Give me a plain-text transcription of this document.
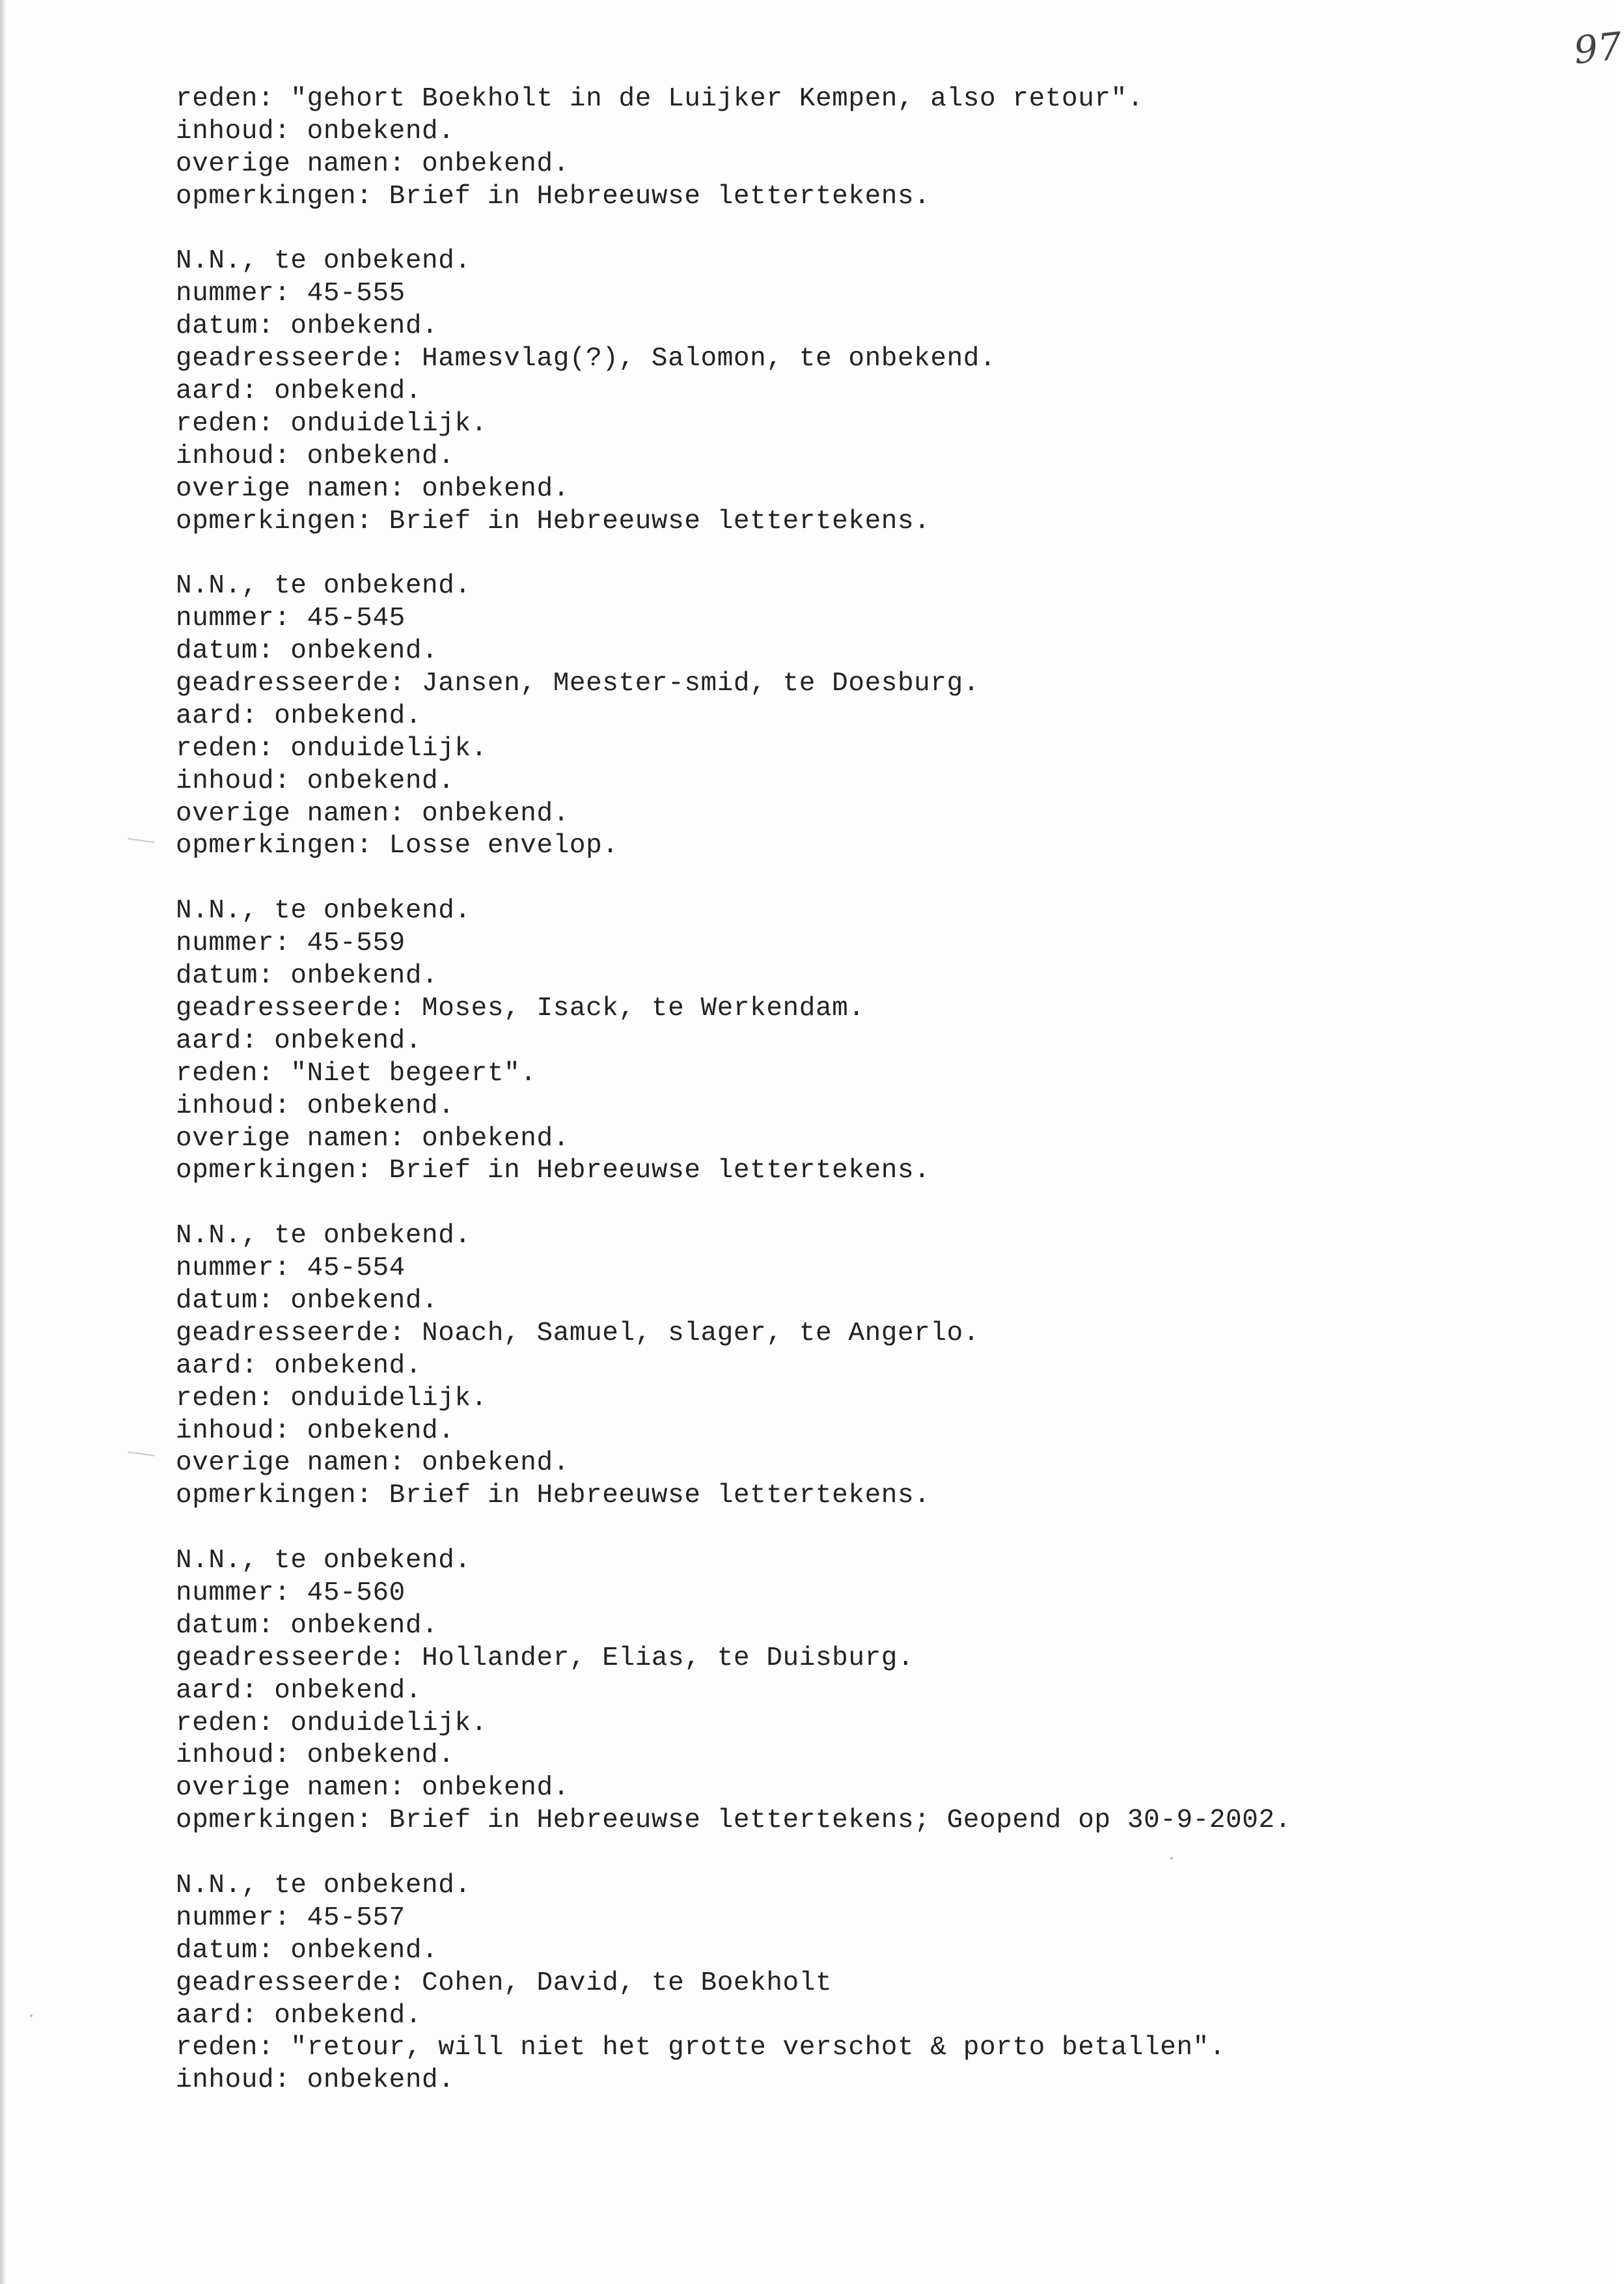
97
reden: "gehort Boekholt in de Luijker Kempen, also retour".
inhoud: onbekend.
overige namen: onbekend.
opmerkingen: Brief in Hebreeuwse lettertekens.
N.N., te onbekend.
nummer: 45-555
datum: onbekend.
geadresseerde: Hamesvlag(?), Salomon, te onbekend.
aard: onbekend.
reden: onduidelijk.
inhoud: onbekend.
overige namen: onbekend.
opmerkingen: Brief in Hebreeuwse lettertekens.
N.N., te onbekend.
nummer: 45-545
datum: onbekend.
geadresseerde: Jansen, Meester-smid, te Doesburg.
aard: onbekend.
reden: onduidelijk.
inhoud: onbekend.
overige namen: onbekend.
opmerkingen: Losse envelop.
N.N., te onbekend.
nummer: 45-559
datum: onbekend.
geadresseerde: Moses, Isack, te Werkendam.
aard: onbekend.
reden: "Niet begeert".
inhoud: onbekend.
overige namen: onbekend.
opmerkingen: Brief in Hebreeuwse lettertekens.
N.N., te onbekend.
nummer: 45-554
datum: onbekend.
geadresseerde: Noach, Samuel, slager, te Angerlo.
aard: onbekend.
reden: onduidelijk.
inhoud: onbekend.
overige namen: onbekend.
opmerkingen: Brief in Hebreeuwse lettertekens.
N.N., te onbekend.
nummer: 45-560
datum: onbekend.
geadresseerde: Hollander, Elias, te Duisburg.
aard: onbekend.
reden: onduidelijk.
inhoud: onbekend.
overige namen: onbekend.
opmerkingen: Brief in Hebreeuwse lettertekens; Geopend op 30-9-2002.
N.N., te onbekend.
nummer: 45-557
datum: onbekend.
geadresseerde: Cohen, David, te Boekholt
aard: onbekend.
reden: "retour, will niet het grotte verschot & porto betallen".
inhoud: onbekend.
